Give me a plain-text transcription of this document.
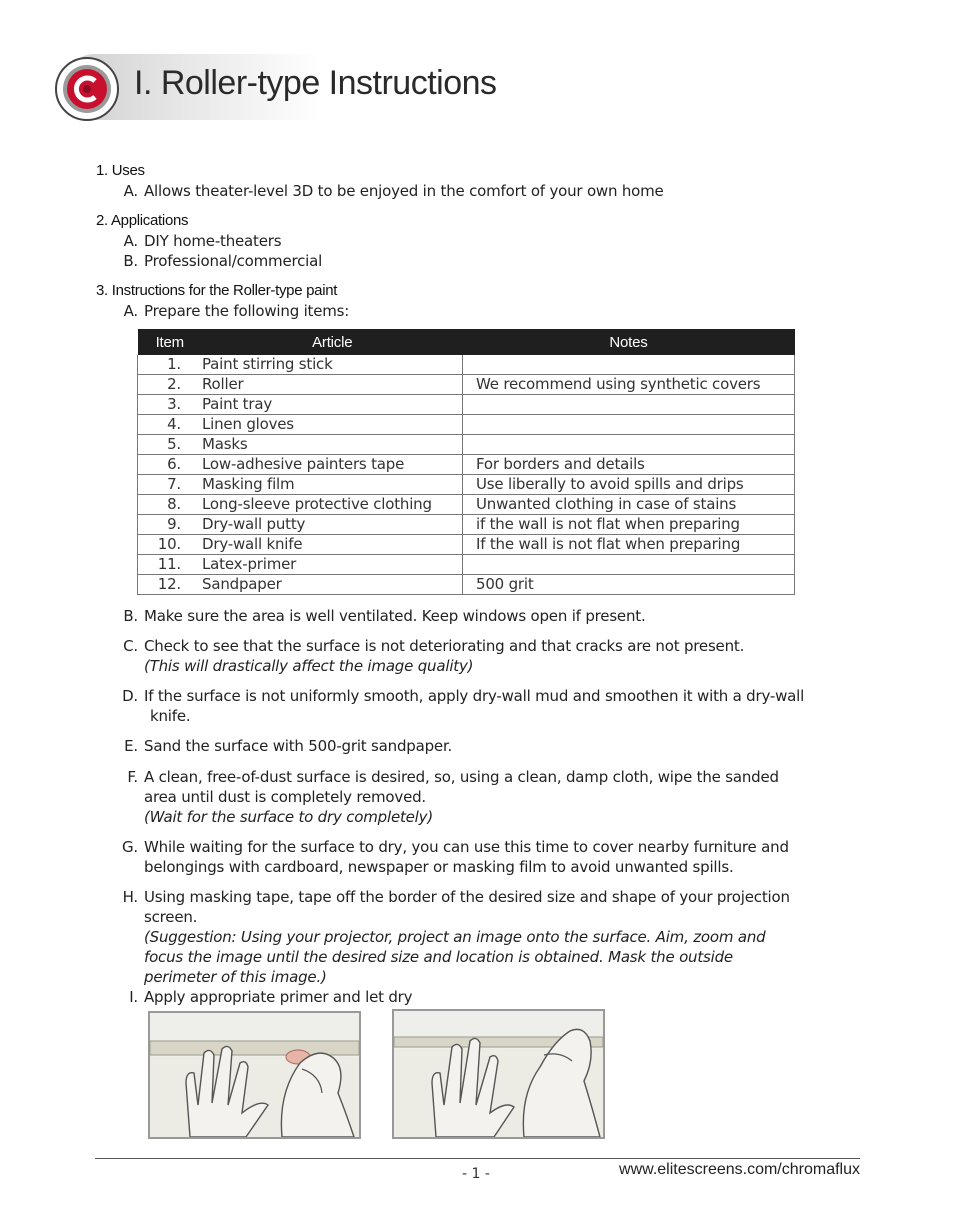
I. Roller-type Instructions
1. Uses
A. Allows theater-level 3D to be enjoyed in the comfort of your own home
2. Applications
A. DIY home-theaters
B. Professional/commercial
3. Instructions for the Roller-type paint
A. Prepare the following items:
Item	Article	Notes
1.	Paint stirring stick	
2.	Roller	We recommend using synthetic covers
3.	Paint tray	
4.	Linen gloves	
5.	Masks	
6.	Low-adhesive painters tape	For borders and details
7.	Masking film	Use liberally to avoid spills and drips
8.	Long-sleeve protective clothing	Unwanted clothing in case of stains
9.	Dry-wall putty	if the wall is not flat when preparing
10.	Dry-wall knife	If the wall is not flat when preparing
11.	Latex-primer	
12.	Sandpaper	500 grit
B. Make sure the area is well ventilated. Keep windows open if present.
C. Check to see that the surface is not deteriorating and that cracks are not present.
(This will drastically affect the image quality)
D. If the surface is not uniformly smooth, apply dry-wall mud and smoothen it with a dry-wall
knife.
E. Sand the surface with 500-grit sandpaper.
F. A clean, free-of-dust surface is desired, so, using a clean, damp cloth, wipe the sanded
area until dust is completely removed.
(Wait for the surface to dry completely)
G. While waiting for the surface to dry, you can use this time to cover nearby furniture and
belongings with cardboard, newspaper or masking film to avoid unwanted spills.
H. Using masking tape, tape off the border of the desired size and shape of your projection
screen.
(Suggestion: Using your projector, project an image onto the surface. Aim, zoom and
focus the image until the desired size and location is obtained. Mask the outside
perimeter of this image.)
I. Apply appropriate primer and let dry
- 1 -	www.elitescreens.com/chromaflux
